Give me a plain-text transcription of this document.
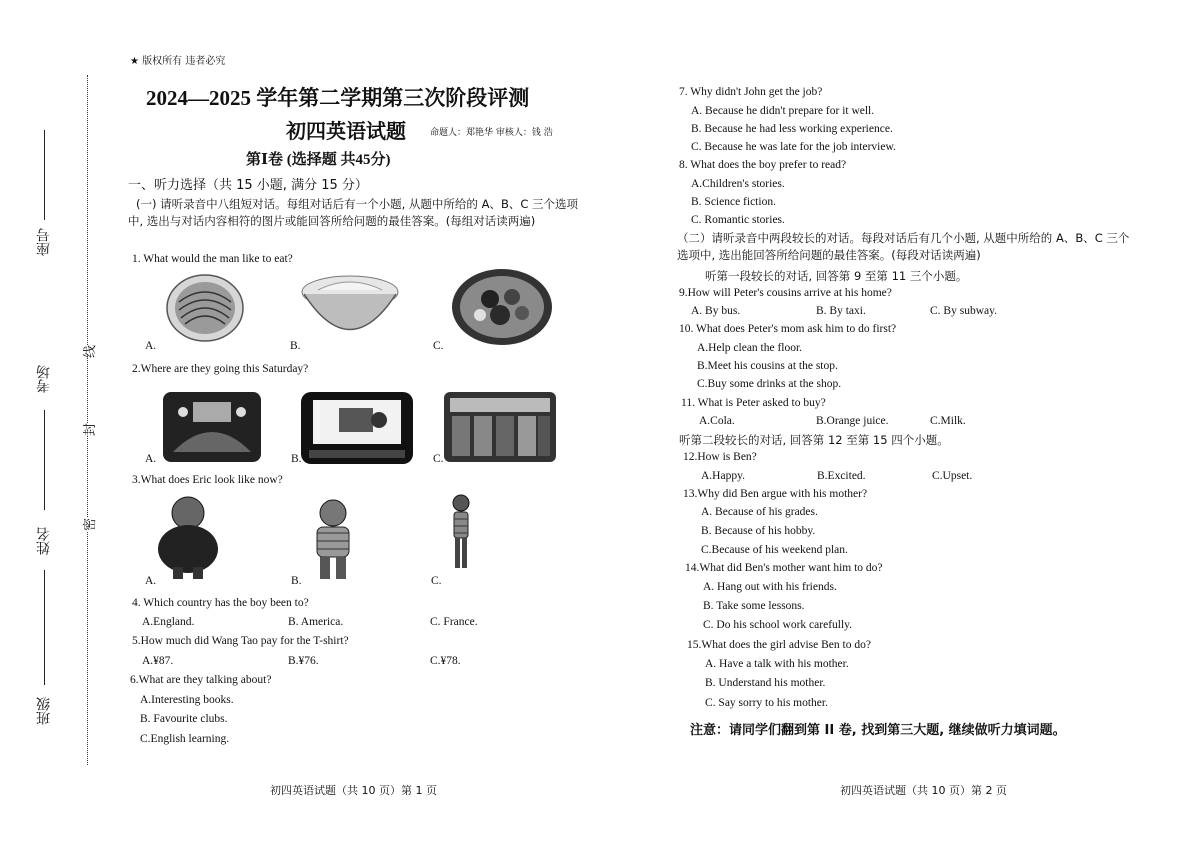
座号
考场
姓名
班级
线
封
密
★ 版权所有 违者必究
2024—2025 学年第二学期第三次阶段评测
初四英语试题	命题人：郑艳华 审核人：钱 浩
第Ⅰ卷 (选择题 共45分)
一、听力选择（共 15 小题, 满分 15 分）
(一) 请听录音中八组短对话。每组对话后有一个小题, 从题中所给的 A、B、C 三个选项中, 选出与对话内容相符的图片或能回答所给问题的最佳答案。(每组对话读两遍)
1. What would the man like to eat?
A.	B.	C.
2.Where are they going this Saturday?
A.	B.	C.
3.What does Eric look like now?
A.	B.	C.
4. Which country has the boy been to?
A.England.	B. America.	C. France.
5.How much did Wang Tao pay for the T-shirt?
A.¥87.	B.¥76.	C.¥78.
6.What are they talking about?
A.Interesting books.
B. Favourite clubs.
C.English learning.
初四英语试题（共 10 页）第 1 页
7. Why didn't John get the job?
A. Because he didn't prepare for it well.
B. Because he had less working experience.
C. Because he was late for the job interview.
8. What does the boy prefer to read?
A.Children's stories.
B. Science fiction.
C. Romantic stories.
（二）请听录音中两段较长的对话。每段对话后有几个小题, 从题中所给的 A、B、C 三个选项中, 选出能回答所给问题的最佳答案。(每段对话读两遍)
听第一段较长的对话, 回答第 9 至第 11 三个小题。
9.How will Peter's cousins arrive at his home?
A. By bus.	B. By taxi.	C. By subway.
10. What does Peter's mom ask him to do first?
A.Help clean the floor.
B.Meet his cousins at the stop.
C.Buy some drinks at the shop.
11. What is Peter asked to buy?
A.Cola.	B.Orange juice.	C.Milk.
听第二段较长的对话, 回答第 12 至第 15 四个小题。
12.How is Ben?
A.Happy.	B.Excited.	C.Upset.
13.Why did Ben argue with his mother?
A. Because of his grades.
B. Because of his hobby.
C.Because of his weekend plan.
14.What did Ben's mother want him to do?
A. Hang out with his friends.
B. Take some lessons.
C. Do his school work carefully.
15.What does the girl advise Ben to do?
A. Have a talk with his mother.
B. Understand his mother.
C. Say sorry to his mother.
注意：请同学们翻到第 II 卷, 找到第三大题, 继续做听力填词题。
初四英语试题（共 10 页）第 2 页
